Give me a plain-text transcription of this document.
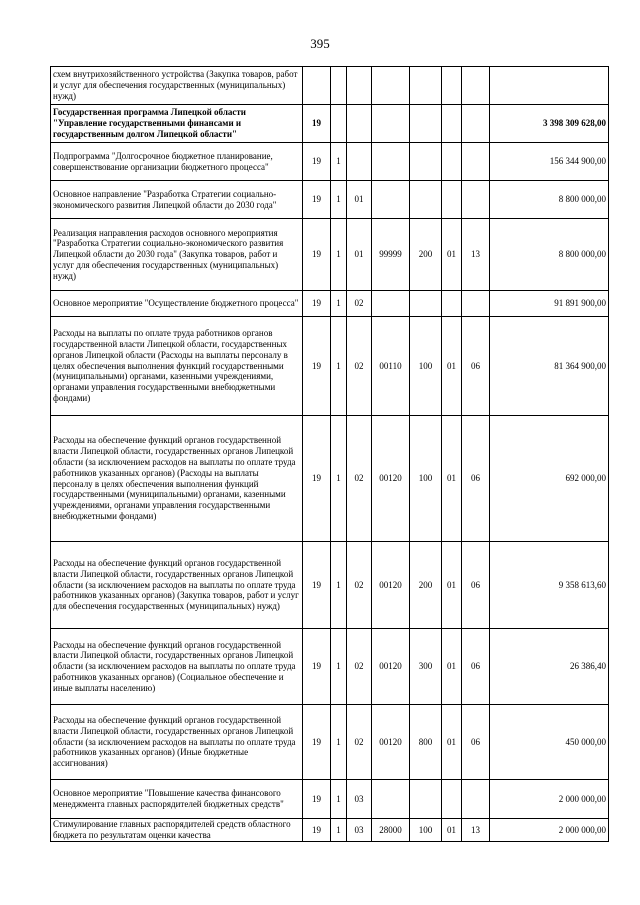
395
схем внутрихозяйственного устройства (Закупка товаров, работ и услуг для обеспечения государственных (муниципальных) нужд)								
Государственная программа Липецкой области "Управление государственными финансами и государственным долгом Липецкой области"	19							3 398 309 628,00
Подпрограмма "Долгосрочное бюджетное планирование, совершенствование организации бюджетного процесса"	19	1						156 344 900,00
Основное направление "Разработка Стратегии социально-экономического развития Липецкой области до 2030 года"	19	1	01					8 800 000,00
Реализация направления расходов основного мероприятия "Разработка Стратегии социально-экономического развития Липецкой области до 2030 года" (Закупка товаров, работ и услуг для обеспечения государственных (муниципальных) нужд)	19	1	01	99999	200	01	13	8 800 000,00
Основное мероприятие "Осуществление бюджетного процесса"	19	1	02					91 891 900,00
Расходы на выплаты по оплате труда работников органов государственной власти Липецкой области, государственных органов Липецкой области (Расходы на выплаты персоналу в целях обеспечения выполнения функций государственными (муниципальными) органами, казенными учреждениями, органами управления государственными внебюджетными фондами)	19	1	02	00110	100	01	06	81 364 900,00
Расходы на обеспечение функций органов государственной власти Липецкой области, государственных органов Липецкой области (за исключением расходов на выплаты по оплате труда работников указанных органов) (Расходы на выплаты персоналу в целях обеспечения выполнения функций государственными (муниципальными) органами, казенными учреждениями, органами управления государственными внебюджетными фондами)	19	1	02	00120	100	01	06	692 000,00
Расходы на обеспечение функций органов государственной власти Липецкой области, государственных органов Липецкой области (за исключением расходов на выплаты по оплате труда работников указанных органов) (Закупка товаров, работ и услуг для обеспечения государственных (муниципальных) нужд)	19	1	02	00120	200	01	06	9 358 613,60
Расходы на обеспечение функций органов государственной власти Липецкой области, государственных органов Липецкой области (за исключением расходов на выплаты по оплате труда работников указанных органов) (Социальное обеспечение и иные выплаты населению)	19	1	02	00120	300	01	06	26 386,40
Расходы на обеспечение функций органов государственной власти Липецкой области, государственных органов Липецкой области (за исключением расходов на выплаты по оплате труда работников указанных органов) (Иные бюджетные ассигнования)	19	1	02	00120	800	01	06	450 000,00
Основное мероприятие "Повышение качества финансового менеджмента главных распорядителей бюджетных средств"	19	1	03					2 000 000,00
Стимулирование главных распорядителей средств областного бюджета по результатам оценки качества	19	1	03	28000	100	01	13	2 000 000,00
